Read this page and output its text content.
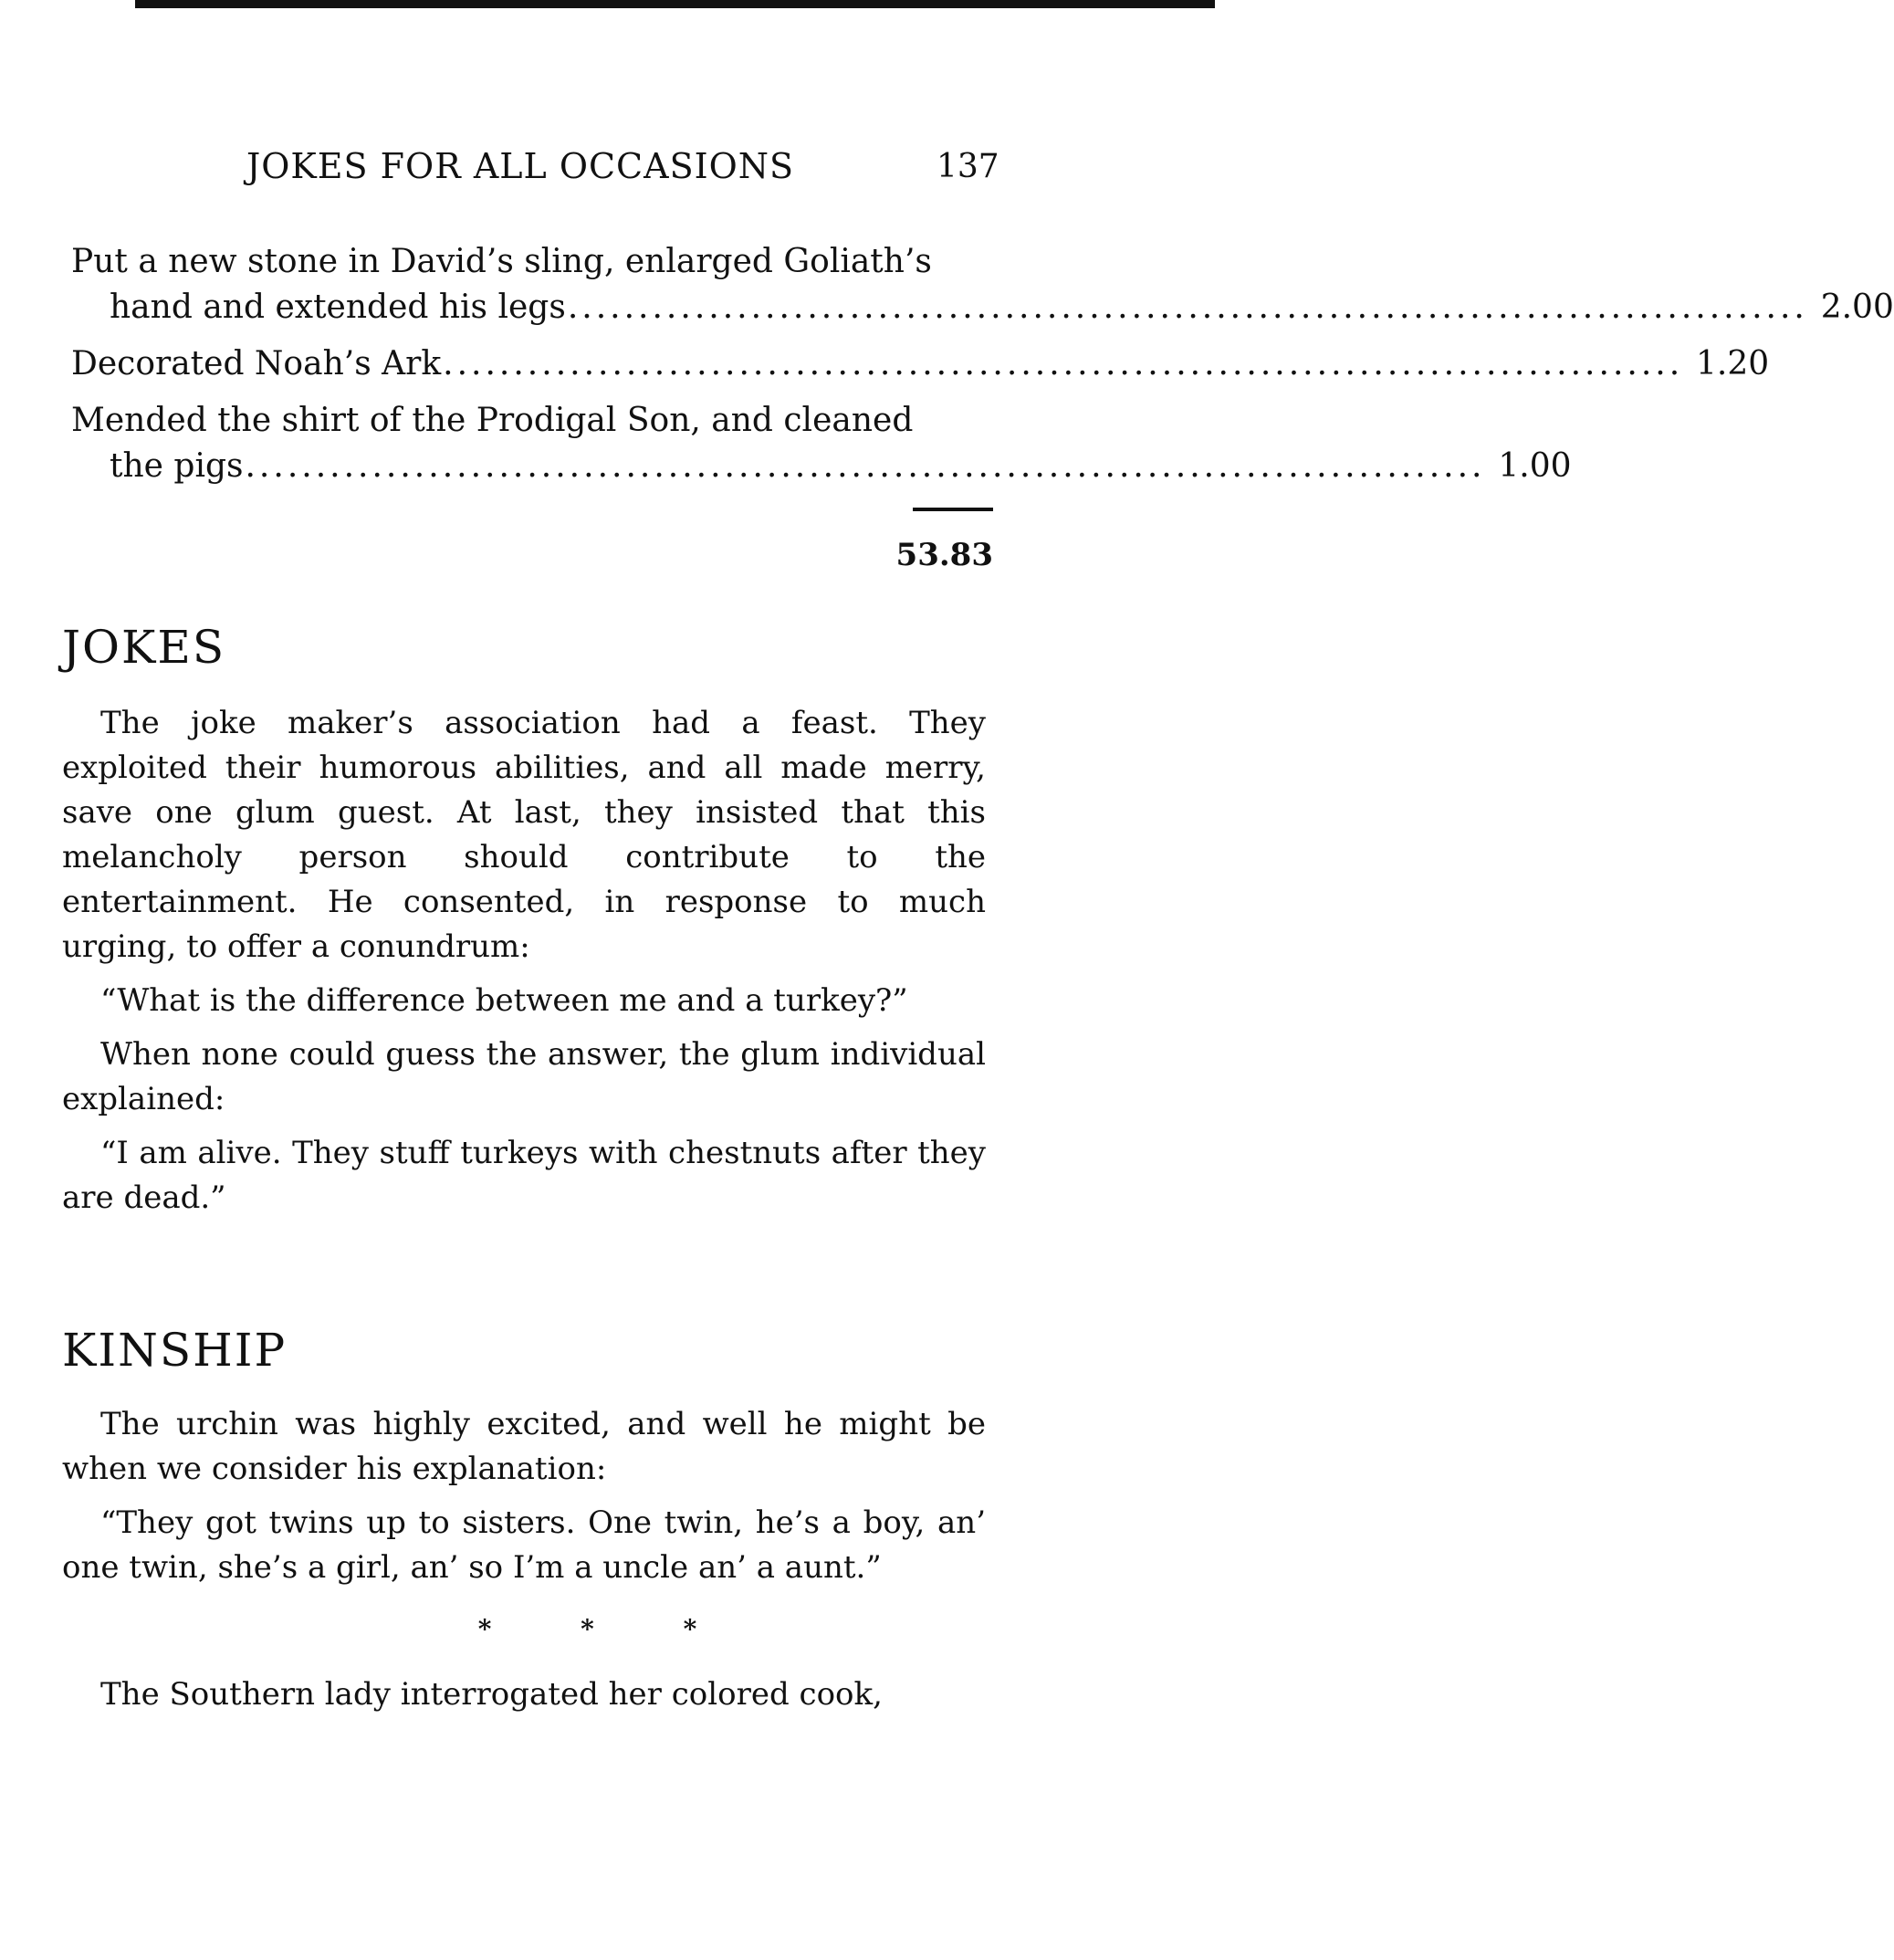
JOKES FOR ALL OCCASIONS	137
Put a new stone in David’s sling, enlarged Goliath’s
hand and extended his legs ........................................................................................ 2.00
Decorated Noah’s Ark ........................................................................................ 1.20
Mended the shirt of the Prodigal Son, and cleaned
the pigs ........................................................................................ 1.00
53.83
JOKES

The joke maker’s association had a feast. They exploited their humorous abilities, and all made merry, save one glum guest. At last, they insisted that this melancholy person should contribute to the entertainment. He consented, in response to much urging, to offer a conundrum:

“What is the difference between me and a turkey?”

When none could guess the answer, the glum individual explained:

“I am alive. They stuff turkeys with chestnuts after they are dead.”

KINSHIP

The urchin was highly excited, and well he might be when we consider his explanation:

“They got twins up to sisters. One twin, he’s a boy, an’ one twin, she’s a girl, an’ so I’m a uncle an’ a aunt.”

* * *

The Southern lady interrogated her colored cook,
